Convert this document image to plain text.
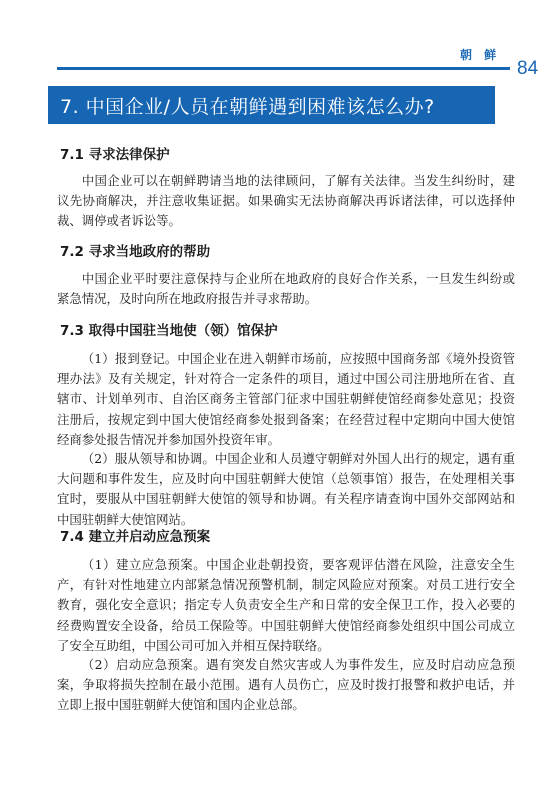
朝 鲜
84
7. 中国企业/人员在朝鲜遇到困难该怎么办?
7.1 寻求法律保护
中国企业可以在朝鲜聘请当地的法律顾问，了解有关法律。当发生纠纷时，建议先协商解决，并注意收集证据。如果确实无法协商解决再诉诸法律，可以选择仲裁、调停或者诉讼等。
7.2 寻求当地政府的帮助
中国企业平时要注意保持与企业所在地政府的良好合作关系，一旦发生纠纷或紧急情况，及时向所在地政府报告并寻求帮助。
7.3 取得中国驻当地使（领）馆保护
（1）报到登记。中国企业在进入朝鲜市场前，应按照中国商务部《境外投资管理办法》及有关规定，针对符合一定条件的项目，通过中国公司注册地所在省、直辖市、计划单列市、自治区商务主管部门征求中国驻朝鲜使馆经商参处意见；投资注册后，按规定到中国大使馆经商参处报到备案；在经营过程中定期向中国大使馆经商参处报告情况并参加国外投资年审。
（2）服从领导和协调。中国企业和人员遵守朝鲜对外国人出行的规定，遇有重大问题和事件发生，应及时向中国驻朝鲜大使馆（总领事馆）报告，在处理相关事宜时，要服从中国驻朝鲜大使馆的领导和协调。有关程序请查询中国外交部网站和中国驻朝鲜大使馆网站。
7.4 建立并启动应急预案
（1）建立应急预案。中国企业赴朝投资，要客观评估潜在风险，注意安全生产，有针对性地建立内部紧急情况预警机制，制定风险应对预案。对员工进行安全教育，强化安全意识；指定专人负责安全生产和日常的安全保卫工作，投入必要的经费购置安全设备，给员工保险等。中国驻朝鲜大使馆经商参处组织中国公司成立了安全互助组，中国公司可加入并相互保持联络。
（2）启动应急预案。遇有突发自然灾害或人为事件发生，应及时启动应急预案，争取将损失控制在最小范围。遇有人员伤亡，应及时拨打报警和救护电话，并立即上报中国驻朝鲜大使馆和国内企业总部。
